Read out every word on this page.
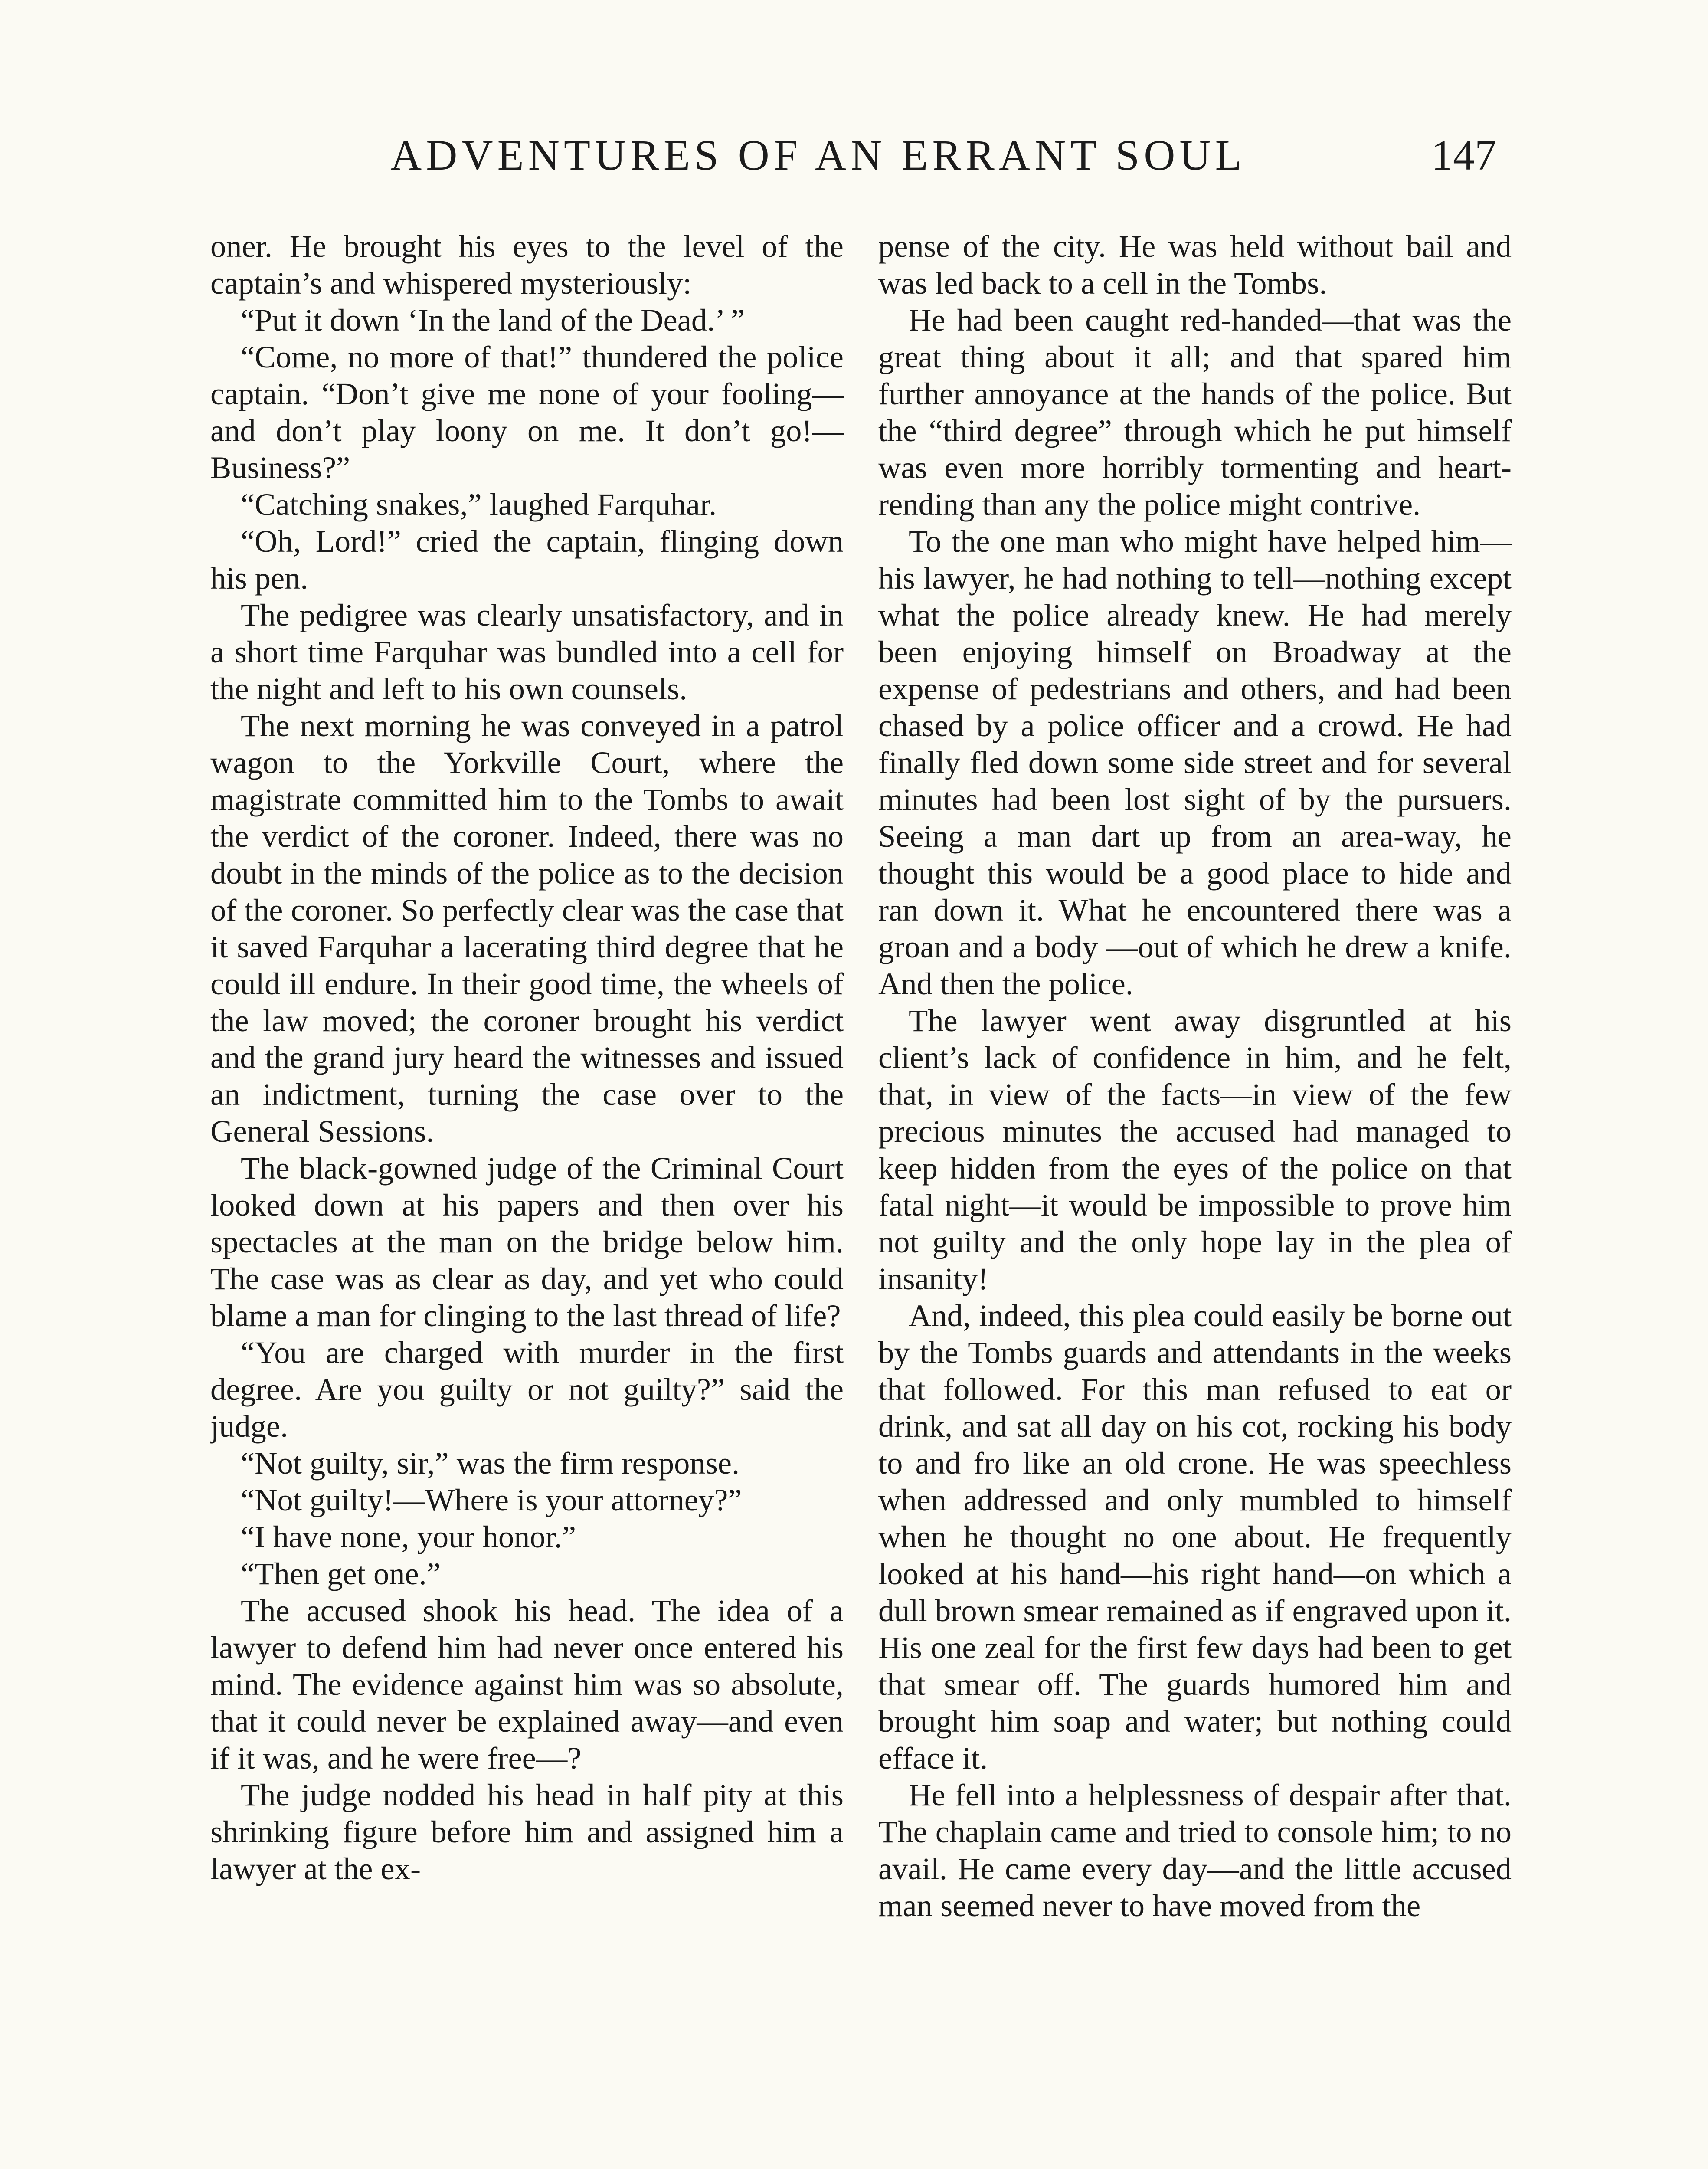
ADVENTURES OF AN ERRANT SOUL	147

oner. He brought his eyes to the level of the captain’s and whispered mysteriously:

“Put it down ‘In the land of the Dead.’ ”

“Come, no more of that!” thundered the police captain. “Don’t give me none of your fooling—and don’t play loony on me. It don’t go!—Business?”

“Catching snakes,” laughed Farquhar.

“Oh, Lord!” cried the captain, flinging down his pen.

The pedigree was clearly unsatisfactory, and in a short time Farquhar was bundled into a cell for the night and left to his own counsels.

The next morning he was conveyed in a patrol wagon to the Yorkville Court, where the magistrate committed him to the Tombs to await the verdict of the coroner. Indeed, there was no doubt in the minds of the police as to the decision of the coroner. So perfectly clear was the case that it saved Farquhar a lacerating third degree that he could ill endure. In their good time, the wheels of the law moved; the coroner brought his verdict and the grand jury heard the witnesses and issued an indictment, turning the case over to the General Sessions.

The black-gowned judge of the Criminal Court looked down at his papers and then over his spectacles at the man on the bridge below him. The case was as clear as day, and yet who could blame a man for clinging to the last thread of life?

“You are charged with murder in the first degree. Are you guilty or not guilty?” said the judge.

“Not guilty, sir,” was the firm response.

“Not guilty!—Where is your attorney?”

“I have none, your honor.”

“Then get one.”

The accused shook his head. The idea of a lawyer to defend him had never once entered his mind. The evidence against him was so absolute, that it could never be explained away—and even if it was, and he were free—?

The judge nodded his head in half pity at this shrinking figure before him and assigned him a lawyer at the ex-

pense of the city. He was held without bail and was led back to a cell in the Tombs.

He had been caught red-handed—that was the great thing about it all; and that spared him further annoyance at the hands of the police. But the “third degree” through which he put himself was even more horribly tormenting and heart-rending than any the police might contrive.

To the one man who might have helped him—his lawyer, he had nothing to tell—nothing except what the police already knew. He had merely been enjoying himself on Broadway at the expense of pedestrians and others, and had been chased by a police officer and a crowd. He had finally fled down some side street and for several minutes had been lost sight of by the pursuers. Seeing a man dart up from an area-way, he thought this would be a good place to hide and ran down it. What he encountered there was a groan and a body —out of which he drew a knife. And then the police.

The lawyer went away disgruntled at his client’s lack of confidence in him, and he felt, that, in view of the facts—in view of the few precious minutes the accused had managed to keep hidden from the eyes of the police on that fatal night—it would be impossible to prove him not guilty and the only hope lay in the plea of insanity!

And, indeed, this plea could easily be borne out by the Tombs guards and attendants in the weeks that followed. For this man refused to eat or drink, and sat all day on his cot, rocking his body to and fro like an old crone. He was speechless when addressed and only mumbled to himself when he thought no one about. He frequently looked at his hand—his right hand—on which a dull brown smear remained as if engraved upon it. His one zeal for the first few days had been to get that smear off. The guards humored him and brought him soap and water; but nothing could efface it.

He fell into a helplessness of despair after that. The chaplain came and tried to console him; to no avail. He came every day—and the little accused man seemed never to have moved from the
